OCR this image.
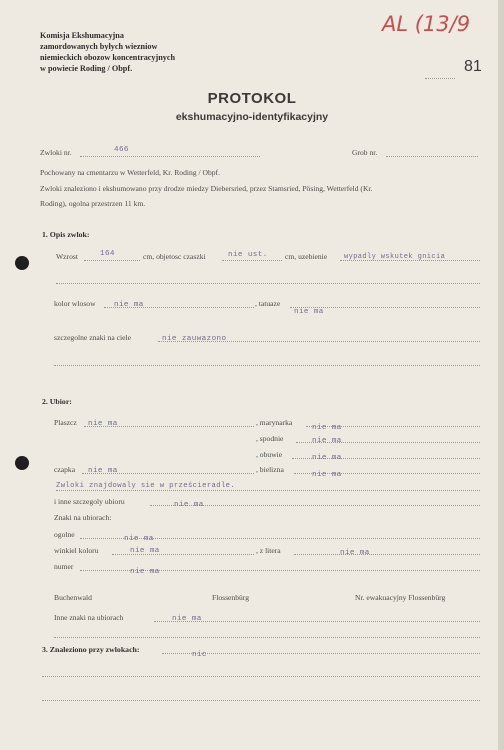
Komisja Ekshumacyjna
zamordowanych byłych wiezniow
niemieckich obozow koncentracyjnych
w powiecie Roding / Obpf.
AL (13/9
81
PROTOKOL
ekshumacyjno-identyfikacyjny
Zwloki nr.	466	Grob nr.
Pochowany na cmentarzu w Wetterfeld, Kr. Roding / Obpf.
Zwloki znaleziono i ekshumowano przy drodze miedzy Diebersried, przez Stamsried, Pösing, Wetterfeld (Kr.
Roding), ogolna przestrzen 11 km.
1. Opis zwlok:
Wzrost	164	cm, objetosc czaszki	nie ust. cm, uzebienie wypadly wskutek gnicia
kolor wlosow nie ma	, tatuaze
nie ma
szczegolne znaki na ciele	nie zauwazono
2. Ubior:
Plaszcz nie ma	, marynarka
nie ma
, spodnie	nie ma
, obuwie	nie ma
czapka nie ma	, bielizna
nie ma
Zwloki znajdowaly sie w prześcieradle.
i inne szczegoly ubioru	nie ma
Znaki na ubiorach:
ogolne	nie ma
winkiel koloru	nie ma	, z litera	nie ma
numer
nie ma
Buchenwald	Flossenbürg	Nr. ewakuacyjny Flossenbürg
Inne znaki na ubiorach	nie ma
3. Znaleziono przy zwlokach:
nic
